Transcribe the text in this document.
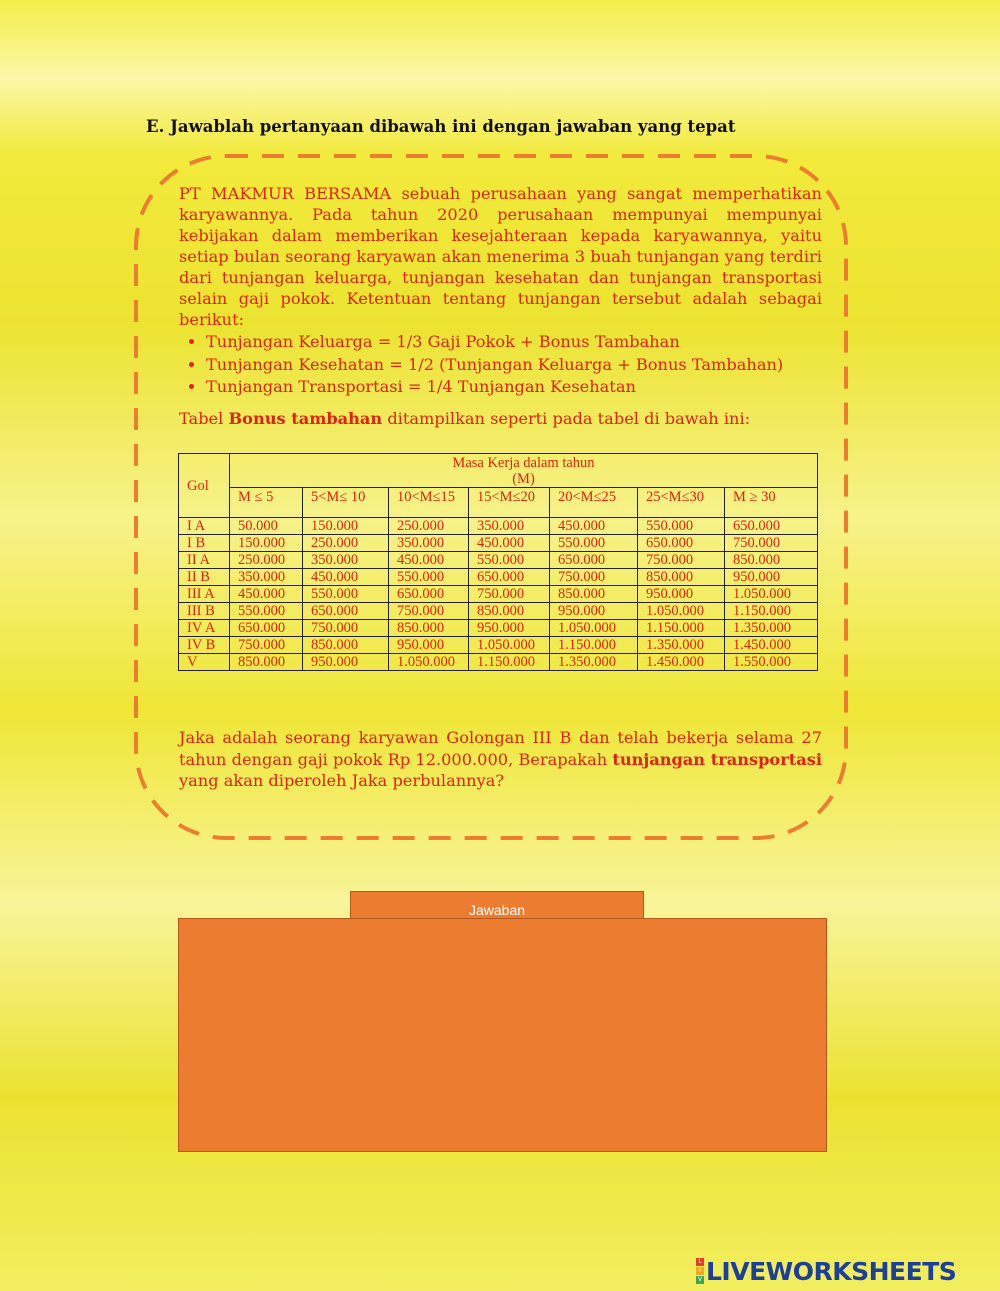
E. Jawablah pertanyaan dibawah ini dengan jawaban yang tepat

PT MAKMUR BERSAMA sebuah perusahaan yang sangat memperhatikan karyawannya. Pada tahun 2020 perusahaan mempunyai mempunyai kebijakan dalam memberikan kesejahteraan kepada karyawannya, yaitu setiap bulan seorang karyawan akan menerima 3 buah tunjangan yang terdiri dari tunjangan keluarga, tunjangan kesehatan dan tunjangan transportasi selain gaji pokok. Ketentuan tentang tunjangan tersebut adalah sebagai berikut:

• Tunjangan Keluarga = 1/3 Gaji Pokok + Bonus Tambahan
• Tunjangan Kesehatan = 1/2 (Tunjangan Keluarga + Bonus Tambahan)
• Tunjangan Transportasi = 1/4 Tunjangan Kesehatan
Tabel Bonus tambahan ditampilkan seperti pada tabel di bawah ini:
Gol	Masa Kerja dalam tahun
(M)						
	M ≤ 5	5<M≤ 10	10<M≤15	15<M≤20	20<M≤25	25<M≤30	M ≥ 30
I A	50.000	150.000	250.000	350.000	450.000	550.000	650.000
I B	150.000	250.000	350.000	450.000	550.000	650.000	750.000
II A	250.000	350.000	450.000	550.000	650.000	750.000	850.000
II B	350.000	450.000	550.000	650.000	750.000	850.000	950.000
III A	450.000	550.000	650.000	750.000	850.000	950.000	1.050.000
III B	550.000	650.000	750.000	850.000	950.000	1.050.000	1.150.000
IV A	650.000	750.000	850.000	950.000	1.050.000	1.150.000	1.350.000
IV B	750.000	850.000	950.000	1.050.000	1.150.000	1.350.000	1.450.000
V	850.000	950.000	1.050.000	1.150.000	1.350.000	1.450.000	1.550.000

Jaka adalah seorang karyawan Golongan III B dan telah bekerja selama 27 tahun dengan gaji pokok Rp 12.000.000, Berapakah tunjangan transportasi yang akan diperoleh Jaka perbulannya?

Jawaban
L
I
V LIVEWORKSHEETS
